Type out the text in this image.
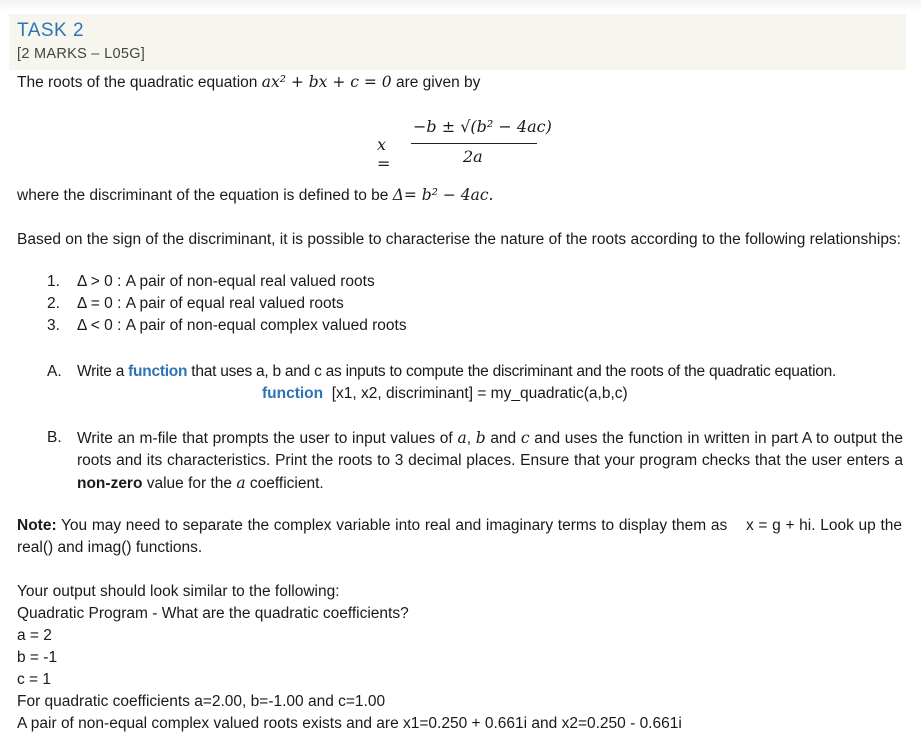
TASK 2
[2 MARKS – L05G]
The roots of the quadratic equation ax² + bx + c = 0 are given by
x =
−b ± √(b² − 4ac)
2a
where the discriminant of the equation is defined to be Δ= b² − 4ac.
Based on the sign of the discriminant, it is possible to characterise the nature of the roots according to the following relationships:
1. Δ > 0 : A pair of non-equal real valued roots
2. Δ = 0 : A pair of equal real valued roots
3. Δ < 0 : A pair of non-equal complex valued roots
A. Write a function that uses a, b and c as inputs to compute the discriminant and the roots of the quadratic equation.
function [x1, x2, discriminant] = my_quadratic(a,b,c)
B. Write an m-file that prompts the user to input values of a, b and c and uses the function in written in part A to output the roots and its characteristics. Print the roots to 3 decimal places. Ensure that your program checks that the user enters a non-zero value for the a coefficient.
Note: You may need to separate the complex variable into real and imaginary terms to display them as    x = g + hi. Look up the real() and imag() functions.
Your output should look similar to the following:
Quadratic Program - What are the quadratic coefficients?
a = 2
b = -1
c = 1
For quadratic coefficients a=2.00, b=-1.00 and c=1.00
A pair of non-equal complex valued roots exists and are x1=0.250 + 0.661i and x2=0.250 - 0.661i
